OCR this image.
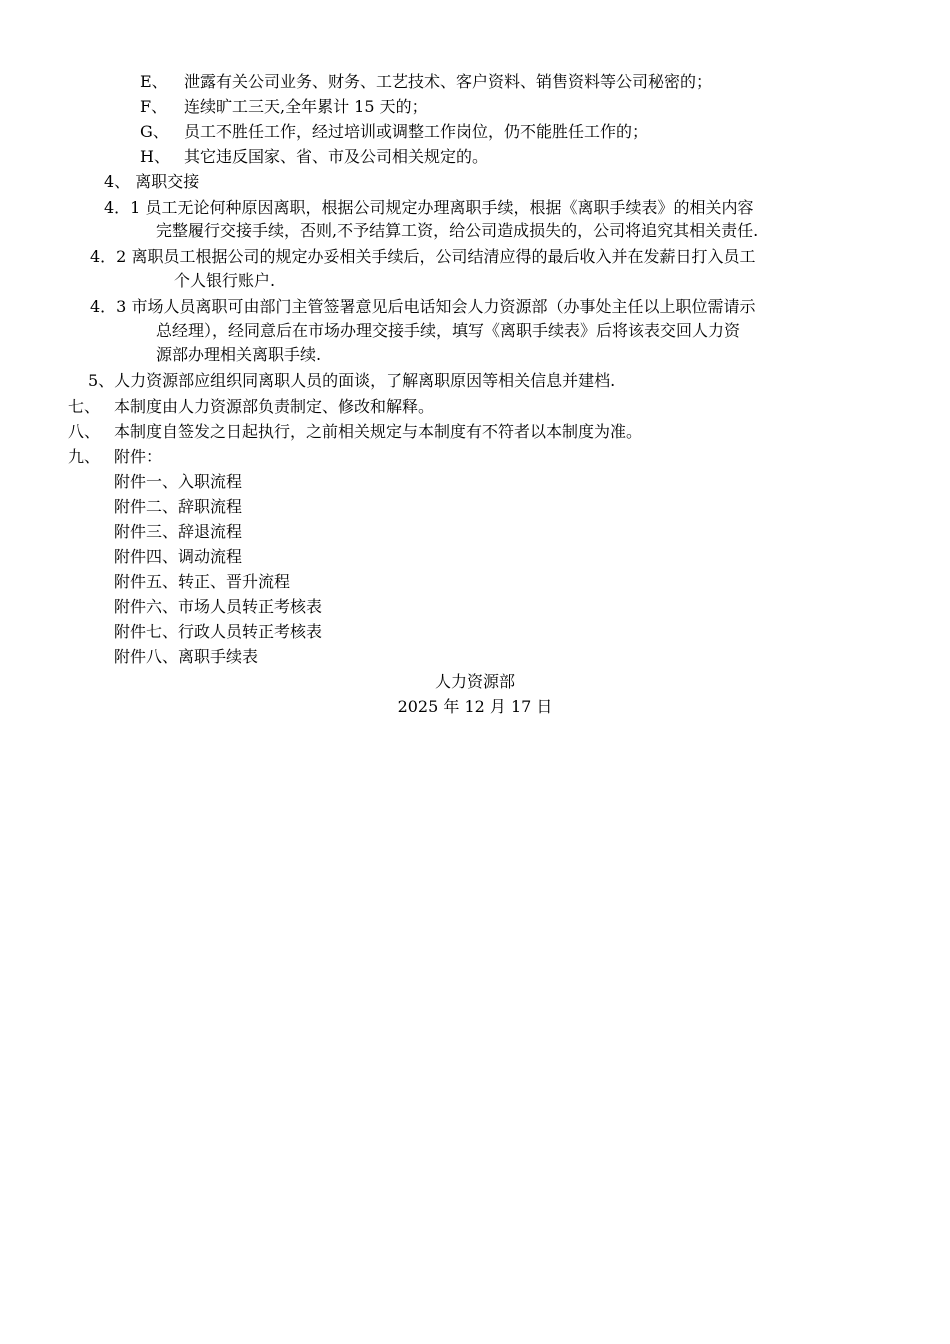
E、 泄露有关公司业务、财务、工艺技术、客户资料、销售资料等公司秘密的；
F、 连续旷工三天,全年累计 15 天的；
G、 员工不胜任工作，经过培训或调整工作岗位，仍不能胜任工作的；
H、 其它违反国家、省、市及公司相关规定的。
4、 离职交接
4．1 员工无论何种原因离职，根据公司规定办理离职手续，根据《离职手续表》的相关内容
完整履行交接手续，否则,不予结算工资，给公司造成损失的，公司将追究其相关责任.
4．2 离职员工根据公司的规定办妥相关手续后，公司结清应得的最后收入并在发薪日打入员工
个人银行账户.
4．3 市场人员离职可由部门主管签署意见后电话知会人力资源部（办事处主任以上职位需请示
总经理），经同意后在市场办理交接手续，填写《离职手续表》后将该表交回人力资
源部办理相关离职手续.
5、人力资源部应组织同离职人员的面谈，了解离职原因等相关信息并建档.
七、 本制度由人力资源部负责制定、修改和解释。
八、 本制度自签发之日起执行，之前相关规定与本制度有不符者以本制度为准。
九、 附件：
附件一、入职流程
附件二、辞职流程
附件三、辞退流程
附件四、调动流程
附件五、转正、晋升流程
附件六、市场人员转正考核表
附件七、行政人员转正考核表
附件八、离职手续表
人力资源部
2025 年 12 月 17 日
